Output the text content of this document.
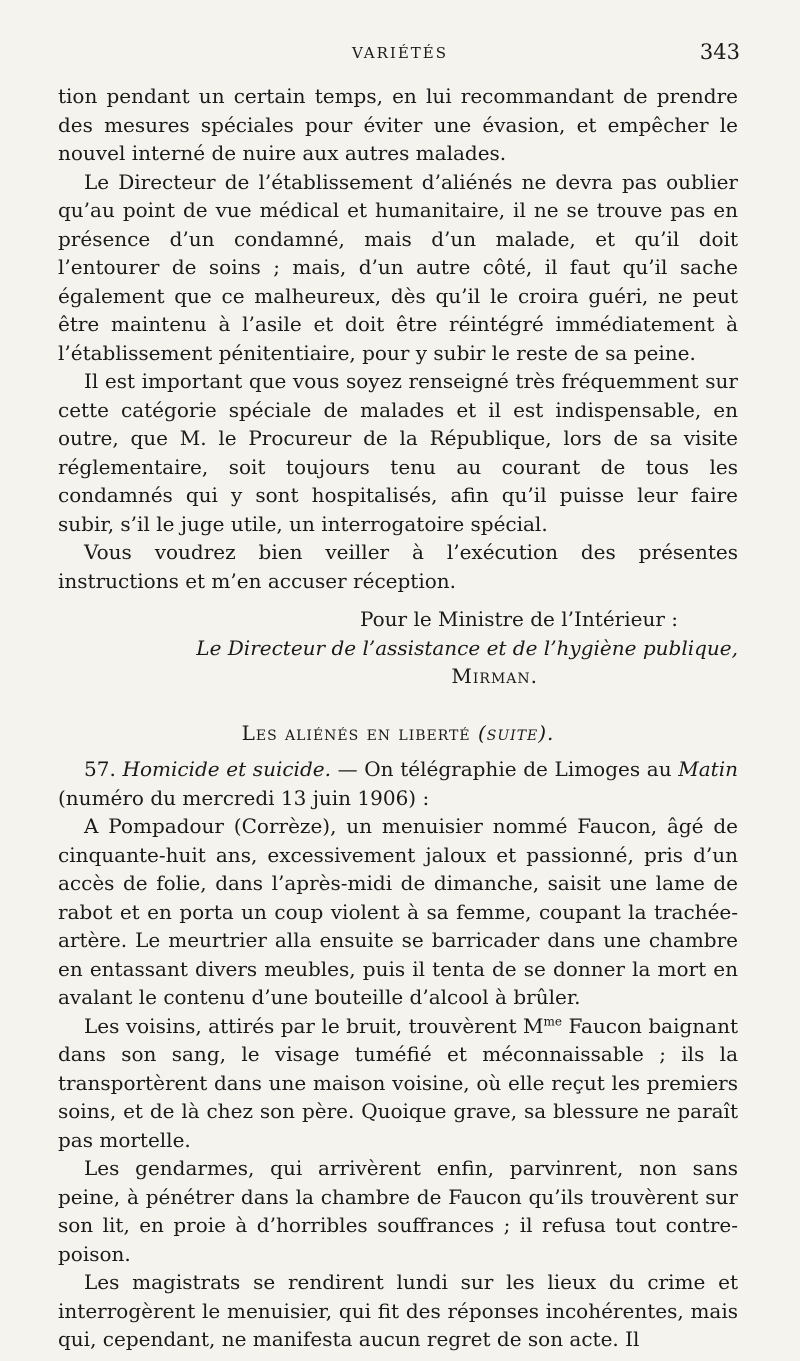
VARIÉTÉS	343

tion pendant un certain temps, en lui recommandant de prendre des mesures spéciales pour éviter une évasion, et empêcher le nouvel interné de nuire aux autres malades.

Le Directeur de l’établissement d’aliénés ne devra pas oublier qu’au point de vue médical et humanitaire, il ne se trouve pas en présence d’un condamné, mais d’un malade, et qu’il doit l’entourer de soins ; mais, d’un autre côté, il faut qu’il sache également que ce malheureux, dès qu’il le croira guéri, ne peut être maintenu à l’asile et doit être réintégré immédiatement à l’établissement pénitentiaire, pour y subir le reste de sa peine.

Il est important que vous soyez renseigné très fréquemment sur cette catégorie spéciale de malades et il est indispensable, en outre, que M. le Procureur de la République, lors de sa visite réglementaire, soit toujours tenu au courant de tous les condamnés qui y sont hospitalisés, afin qu’il puisse leur faire subir, s’il le juge utile, un interrogatoire spécial.

Vous voudrez bien veiller à l’exécution des présentes instructions et m’en accuser réception.

Pour le Ministre de l’Intérieur :

Le Directeur de l’assistance et de l’hygiène publique,

Mirman.

Les aliénés en liberté (suite).

57. Homicide et suicide. — On télégraphie de Limoges au Matin (numéro du mercredi 13 juin 1906) :

A Pompadour (Corrèze), un menuisier nommé Faucon, âgé de cinquante-huit ans, excessivement jaloux et passionné, pris d’un accès de folie, dans l’après-midi de dimanche, saisit une lame de rabot et en porta un coup violent à sa femme, coupant la trachée-artère. Le meurtrier alla ensuite se barricader dans une chambre en entassant divers meubles, puis il tenta de se donner la mort en avalant le contenu d’une bouteille d’alcool à brûler.

Les voisins, attirés par le bruit, trouvèrent $M^{me}$ Faucon baignant dans son sang, le visage tuméfié et méconnaissable ; ils la transportèrent dans une maison voisine, où elle reçut les premiers soins, et de là chez son père. Quoique grave, sa blessure ne paraît pas mortelle.

Les gendarmes, qui arrivèrent enfin, parvinrent, non sans peine, à pénétrer dans la chambre de Faucon qu’ils trouvèrent sur son lit, en proie à d’horribles souffrances ; il refusa tout contre-poison.

Les magistrats se rendirent lundi sur les lieux du crime et interrogèrent le menuisier, qui fit des réponses incohérentes, mais qui, cependant, ne manifesta aucun regret de son acte. Il
